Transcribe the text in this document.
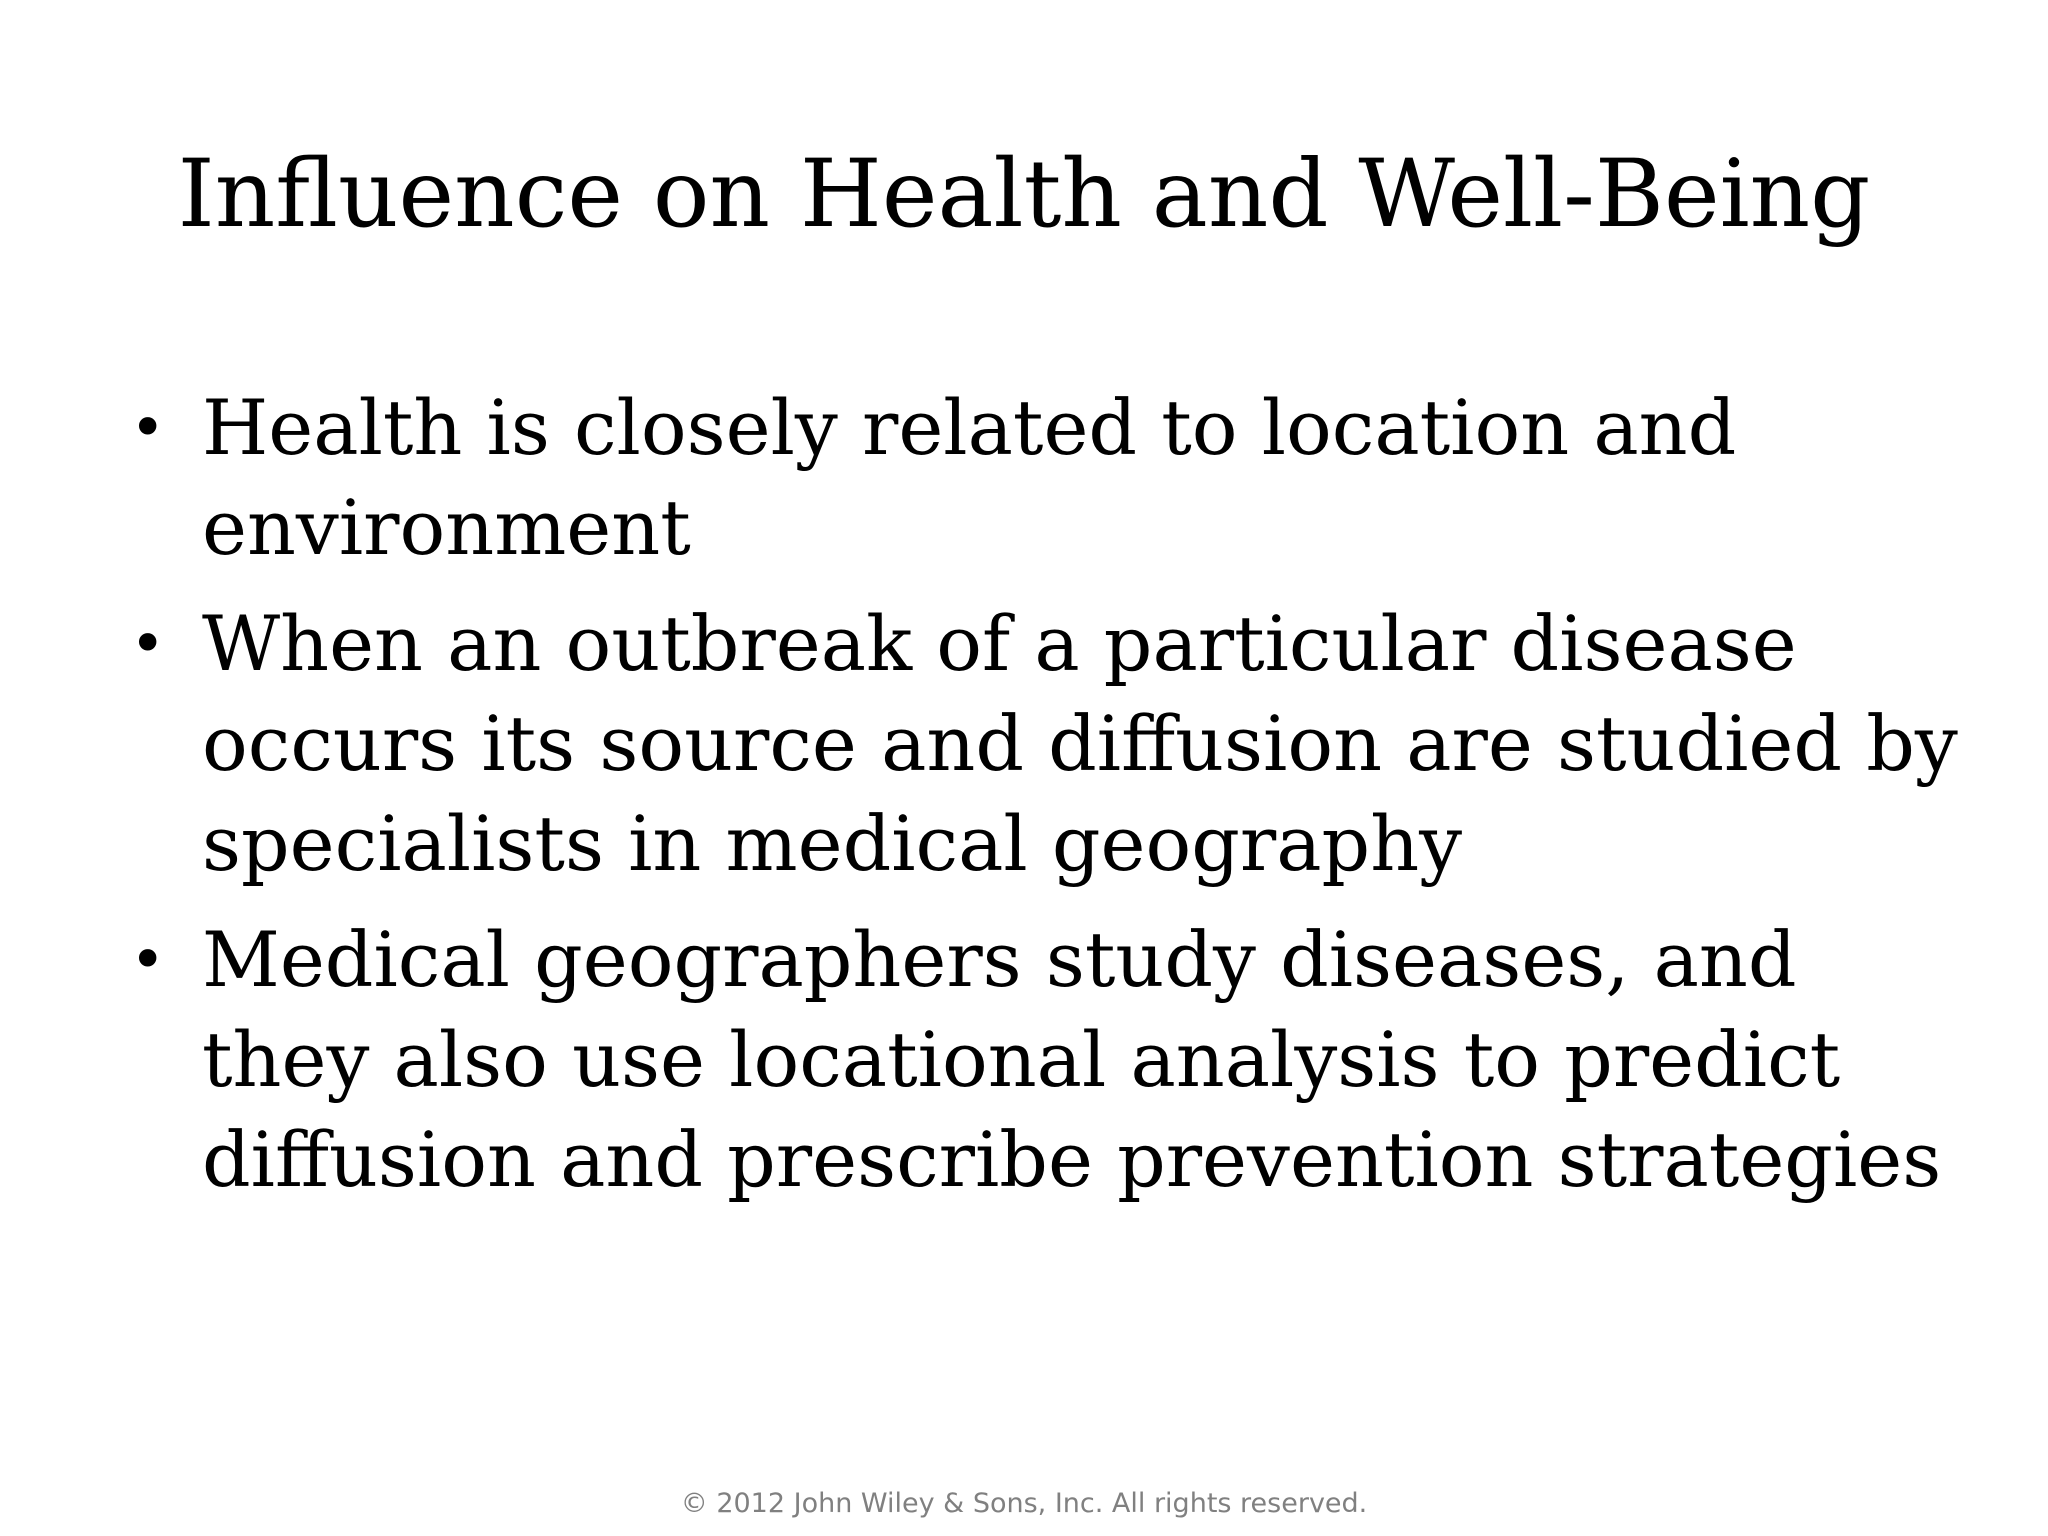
Influence on Health and Well-Being
• Health is closely related to location and environment
• When an outbreak of a particular disease occurs its source and diffusion are studied by specialists in medical geography
• Medical geographers study diseases, and they also use locational analysis to predict diffusion and prescribe prevention strategies
© 2012 John Wiley & Sons, Inc. All rights reserved.
